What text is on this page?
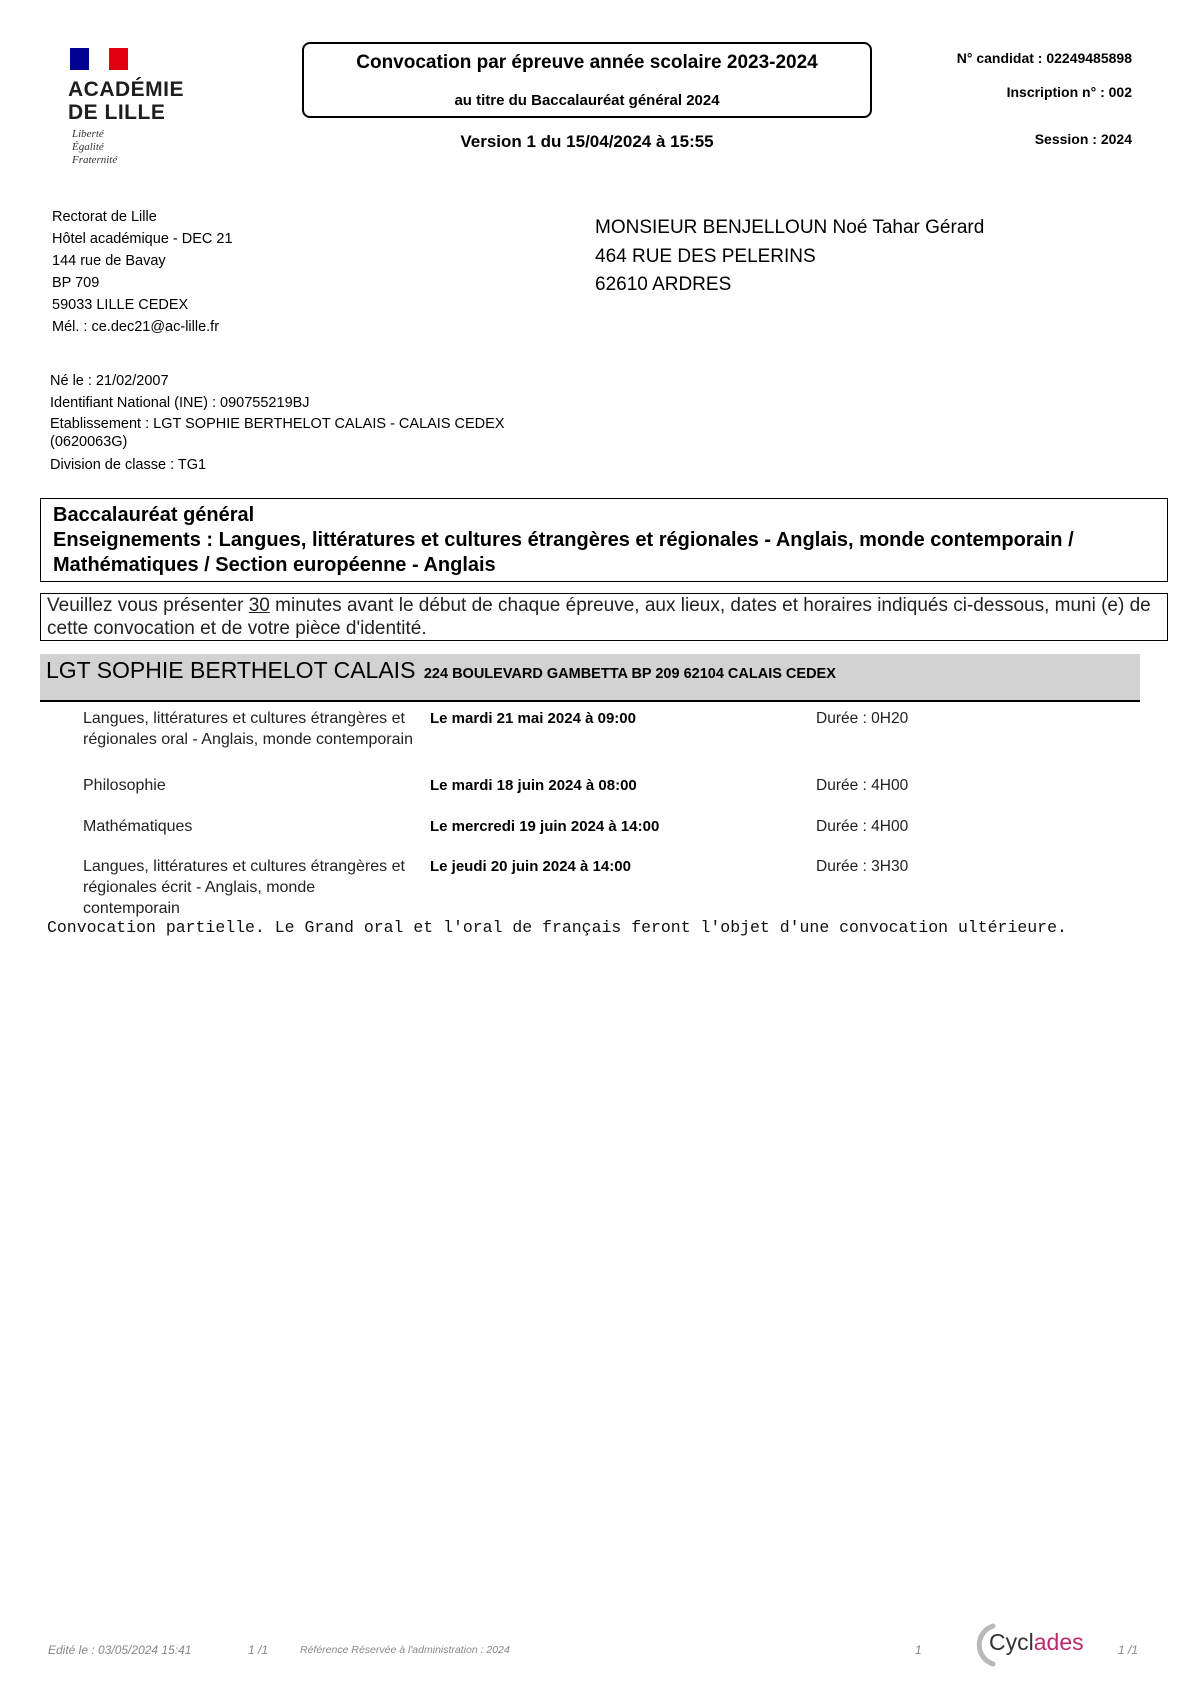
ACADÉMIE
DE LILLE
Liberté
Égalité
Fraternité
Convocation par épreuve année scolaire 2023-2024
au titre du Baccalauréat général 2024
Version 1 du 15/04/2024 à 15:55
N° candidat : 02249485898
Inscription n° : 002
Session : 2024
Rectorat de Lille
Hôtel académique - DEC 21
144 rue de Bavay
BP 709
59033 LILLE CEDEX
Mél. : ce.dec21@ac-lille.fr
MONSIEUR BENJELLOUN Noé Tahar Gérard
464 RUE DES PELERINS
62610 ARDRES
Né le : 21/02/2007
Identifiant National (INE) : 090755219BJ
Etablissement : LGT SOPHIE BERTHELOT CALAIS - CALAIS CEDEX (0620063G)
Division de classe : TG1
Baccalauréat général
Enseignements : Langues, littératures et cultures étrangères et régionales - Anglais, monde contemporain / Mathématiques / Section européenne - Anglais
Veuillez vous présenter 30 minutes avant le début de chaque épreuve, aux lieux, dates et horaires indiqués ci-dessous, muni (e) de cette convocation et de votre pièce d'identité.
LGT SOPHIE BERTHELOT CALAIS 224 BOULEVARD GAMBETTA BP 209 62104 CALAIS CEDEX
Langues, littératures et cultures étrangères et régionales oral - Anglais, monde contemporain
Le mardi 21 mai 2024 à 09:00	Durée : 0H20
Philosophie	Le mardi 18 juin 2024 à 08:00	Durée : 4H00
Mathématiques	Le mercredi 19 juin 2024 à 14:00	Durée : 4H00
Langues, littératures et cultures étrangères et régionales écrit - Anglais, monde contemporain
Le jeudi 20 juin 2024 à 14:00	Durée : 3H30
Convocation partielle. Le Grand oral et l'oral de français feront l'objet d'une convocation ultérieure.
Edité le : 03/05/2024 15:41	1 /1	Référence Réservée à l'administration : 2024	1	Cyclades	1 /1
